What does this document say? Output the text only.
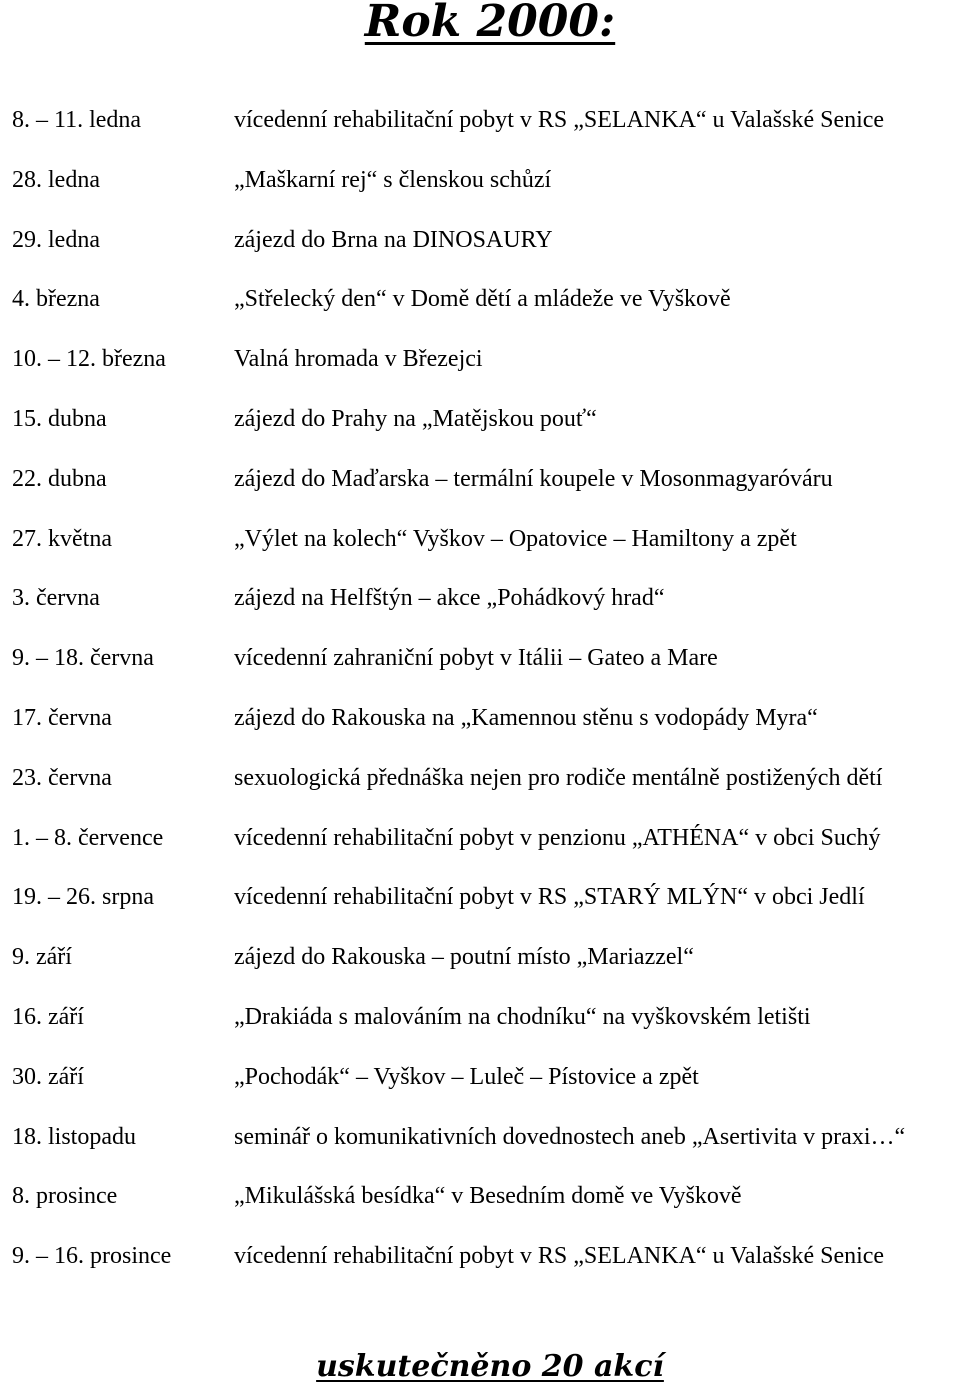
Rok 2000:
8. – 11. ledna	vícedenní rehabilitační pobyt v RS „SELANKA“ u Valašské Senice
28. ledna	„Maškarní rej“ s členskou schůzí
29. ledna	zájezd do Brna na DINOSAURY
4. března	„Střelecký den“ v Domě dětí a mládeže ve Vyškově
10. – 12. března	Valná hromada v Březejci
15. dubna	zájezd do Prahy na „Matějskou pouť“
22. dubna	zájezd do Maďarska – termální koupele v Mosonmagyaróváru
27. května	„Výlet na kolech“ Vyškov – Opatovice – Hamiltony a zpět
3. června	zájezd na Helfštýn – akce „Pohádkový hrad“
9. – 18. června	vícedenní zahraniční pobyt v Itálii – Gateo a Mare
17. června	zájezd do Rakouska na „Kamennou stěnu s vodopády Myra“
23. června	sexuologická přednáška nejen pro rodiče mentálně postižených dětí
1. – 8. července	vícedenní rehabilitační pobyt v penzionu „ATHÉNA“ v obci Suchý
19. – 26. srpna	vícedenní rehabilitační pobyt v RS „STARÝ MLÝN“ v obci Jedlí
9. září	zájezd do Rakouska – poutní místo „Mariazzel“
16. září	„Drakiáda s malováním na chodníku“ na vyškovském letišti
30. září	„Pochodák“ – Vyškov – Luleč – Pístovice a zpět
18. listopadu	seminář o komunikativních dovednostech aneb „Asertivita v praxi…“
8. prosince	„Mikulášská besídka“ v Besedním domě ve Vyškově
9. – 16. prosince	vícedenní rehabilitační pobyt v RS „SELANKA“ u Valašské Senice
uskutečněno 20 akcí
